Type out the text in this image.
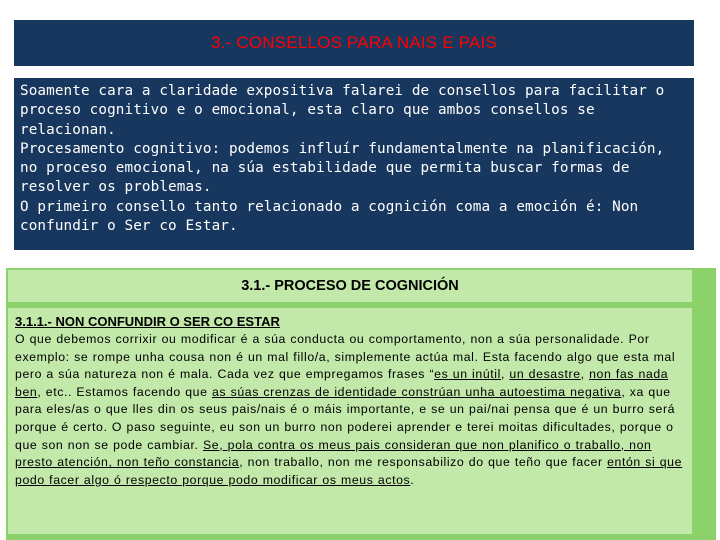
3.- CONSELLOS PARA NAIS E PAIS

Soamente cara a claridade expositiva falarei de consellos para facilitar o proceso cognitivo e o emocional, esta claro que ambos consellos se relacionan.

Procesamento cognitivo: podemos influír fundamentalmente na planificación, no proceso emocional, na súa estabilidade que permita buscar formas de resolver os problemas.

O primeiro consello tanto relacionado a cognición coma a emoción é: Non confundir o Ser co Estar.

3.1.- PROCESO DE COGNICIÓN
3.1.1.- NON CONFUNDIR O SER CO ESTAR

O que debemos corrixir ou modificar é a súa conducta ou comportamento, non a súa personalidade. Por exemplo: se rompe unha cousa non é un mal fillo/a, simplemente actúa mal. Esta facendo algo que esta mal pero a súa natureza non é mala. Cada vez que empregamos frases “es un inútil, un desastre, non fas nada ben, etc.. Estamos facendo que as súas crenzas de identidade constrúan unha autoestima negativa, xa que para eles/as o que lles din os seus pais/nais é o máis importante, e se un pai/nai pensa que é un burro será porque é certo. O paso seguinte, eu son un burro non poderei aprender e terei moitas dificultades, porque o que son non se pode cambiar. Se, pola contra os meus pais consideran que non planifico o traballo, non presto atención, non teño constancia, non traballo, non me responsabilizo do que teño que facer entón si que podo facer algo ó respecto porque podo modificar os meus actos.
